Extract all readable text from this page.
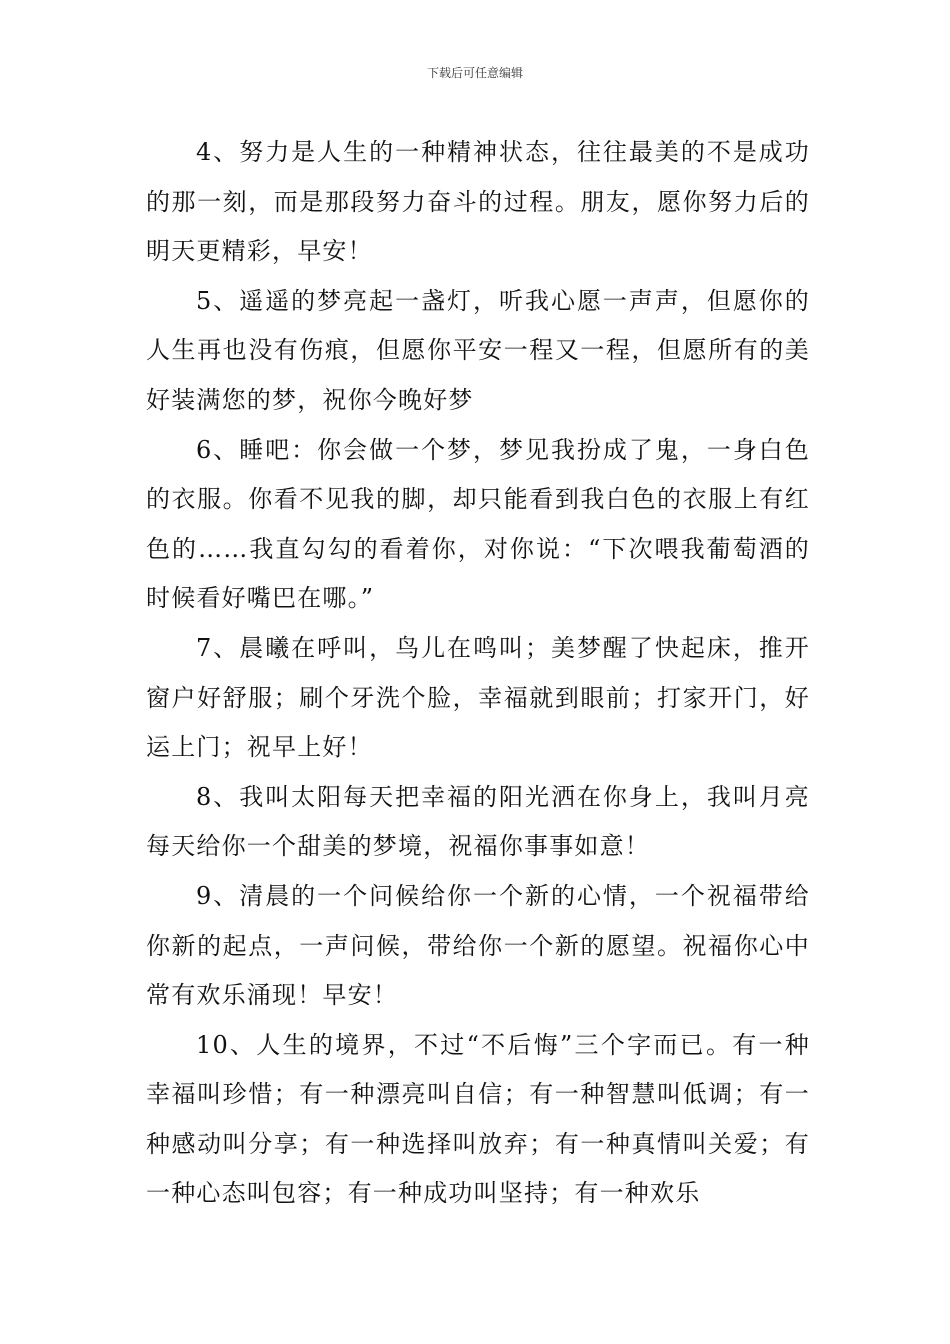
下载后可任意编辑

4、努力是人生的一种精神状态，往往最美的不是成功的那一刻，而是那段努力奋斗的过程。朋友，愿你努力后的明天更精彩，早安！

5、遥遥的梦亮起一盏灯，听我心愿一声声，但愿你的人生再也没有伤痕，但愿你平安一程又一程，但愿所有的美好装满您的梦，祝你今晚好梦

6、睡吧：你会做一个梦，梦见我扮成了鬼，一身白色的衣服。你看不见我的脚，却只能看到我白色的衣服上有红色的……我直勾勾的看着你，对你说：“下次喂我葡萄酒的时候看好嘴巴在哪。”

7、晨曦在呼叫，鸟儿在鸣叫；美梦醒了快起床，推开窗户好舒服；刷个牙洗个脸，幸福就到眼前；打家开门，好运上门；祝早上好！

8、我叫太阳每天把幸福的阳光洒在你身上，我叫月亮每天给你一个甜美的梦境，祝福你事事如意！

9、清晨的一个问候给你一个新的心情，一个祝福带给你新的起点，一声问候，带给你一个新的愿望。祝福你心中常有欢乐涌现！早安！

10、人生的境界，不过“不后悔”三个字而已。有一种幸福叫珍惜；有一种漂亮叫自信；有一种智慧叫低调；有一种感动叫分享；有一种选择叫放弃；有一种真情叫关爱；有一种心态叫包容；有一种成功叫坚持；有一种欢乐
